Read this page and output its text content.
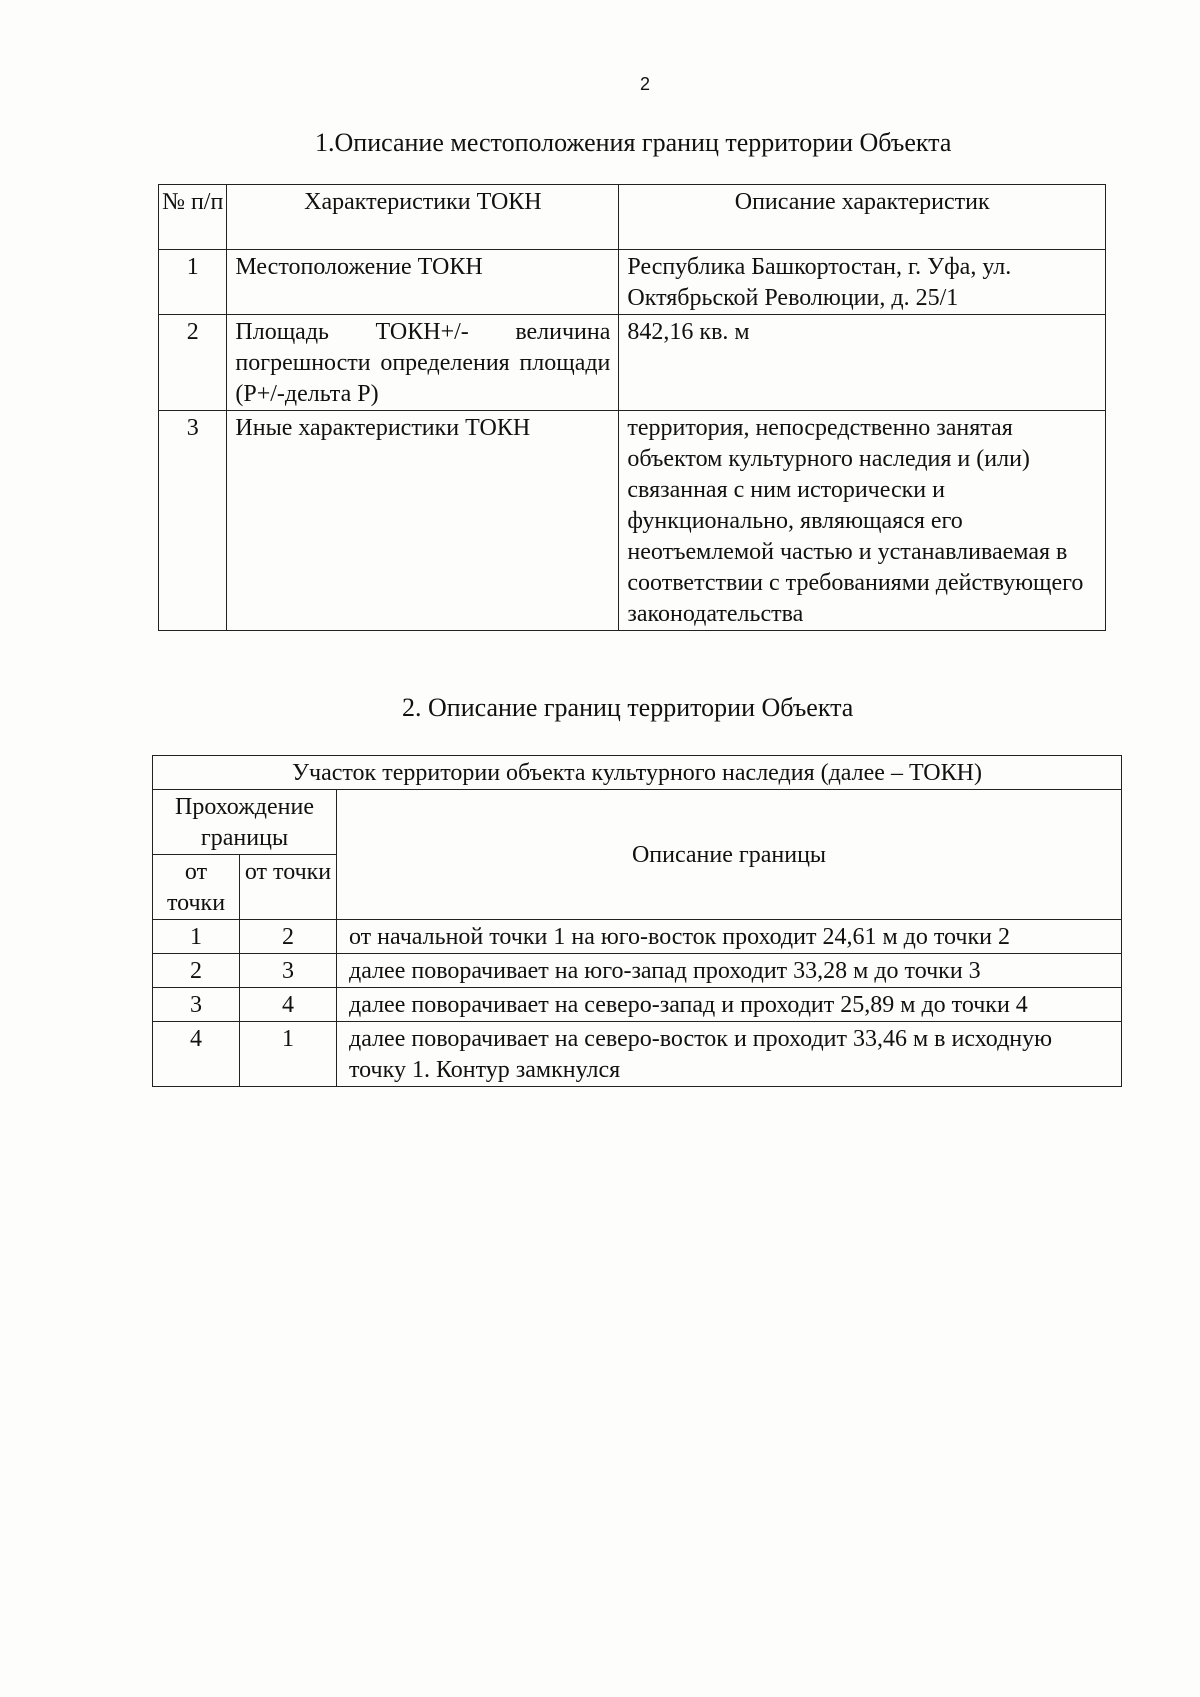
2
1.Описание местоположения границ территории Объекта
№ п/п	Характеристики ТОКН	Описание характеристик
1	Местоположение ТОКН	Республика Башкортостан, г. Уфа, ул. Октябрьской Революции, д. 25/1
2	Площадь ТОКН+/- величина погрешности определения площади (Р+/-дельта Р)	842,16 кв. м
3	Иные характеристики ТОКН	территория, непосредственно занятая объектом культурного наследия и (или) связанная с ним исторически и функционально, являющаяся его неотъемлемой частью и устанавливаемая в соответствии с требованиями действующего законодательства
2. Описание границ территории Объекта
Участок территории объекта культурного наследия (далее – ТОКН)		
Прохождение границы		Описание границы
от точки	от точки	
1	2	от начальной точки 1 на юго-восток проходит 24,61 м до точки 2
2	3	далее поворачивает на юго-запад проходит 33,28 м до точки 3
3	4	далее поворачивает на северо-запад и проходит 25,89 м до точки 4
4	1	далее поворачивает на северо-восток и проходит 33,46 м в исходную точку 1. Контур замкнулся
